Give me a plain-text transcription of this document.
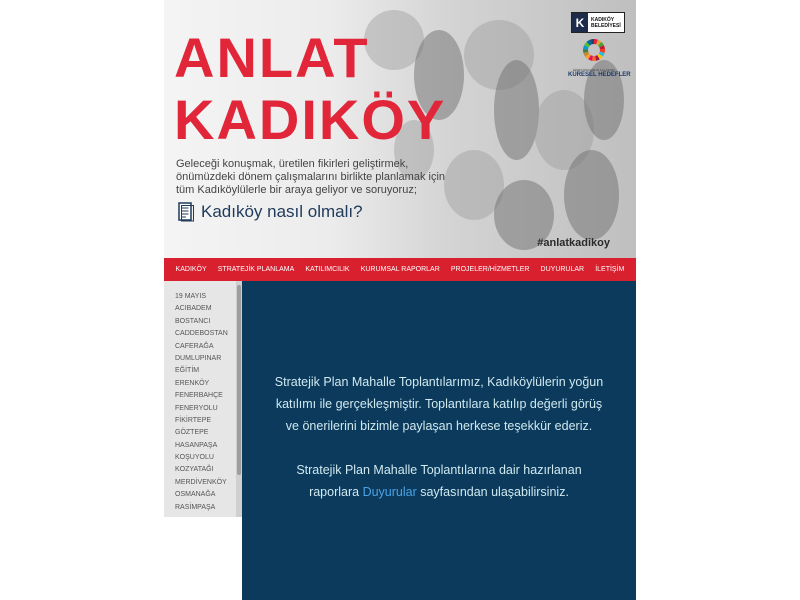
ANLAT
KADIKÖY

Geleceği konuşmak, üretilen fikirleri geliştirmek,
önümüzdeki dönem çalışmalarını birlikte planlamak için
tüm Kadıköylülerle bir araya geliyor ve soruyoruz;

Kadıköy nasıl olmalı?
#anlatkadikoy
K	KADIKÖY
BELEDİYESİ
SÜRDÜRÜLEBİLİR KALKINMA
KÜRESEL HEDEFLER
KADIKÖY STRATEJİK PLANLAMA KATILIMCILIK KURUMSAL RAPORLAR PROJELER/HİZMETLER DUYURULAR İLETİŞİM
19 MAYIS
ACIBADEM
BOSTANCI
CADDEBOSTAN
CAFERAĞA
DUMLUPINAR
EĞİTİM
ERENKÖY
FENERBAHÇE
FENERYOLU
FİKİRTEPE
GÖZTEPE
HASANPAŞA
KOŞUYOLU
KOZYATAĞI
MERDİVENKÖY
OSMANAĞA
RASİMPAŞA

Stratejik Plan Mahalle Toplantılarımız, Kadıköylülerin yoğun
katılımı ile gerçekleşmiştir. Toplantılara katılıp değerli görüş
ve önerilerini bizimle paylaşan herkese teşekkür ederiz.

Stratejik Plan Mahalle Toplantılarına dair hazırlanan
raporlara Duyurular sayfasından ulaşabilirsiniz.
